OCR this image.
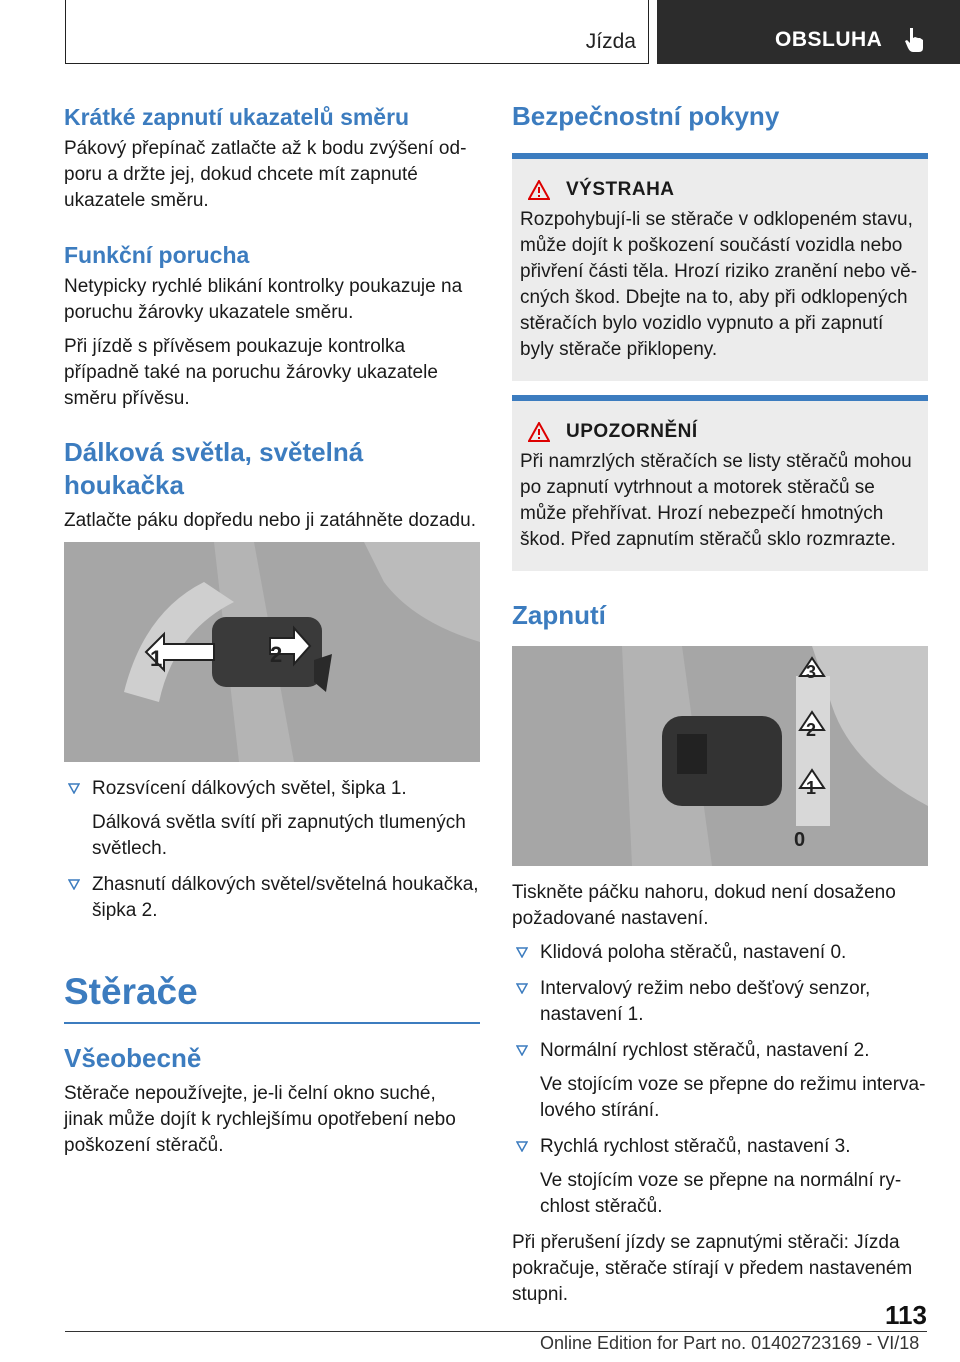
Jízda	OBSLUHA
Krátké zapnutí ukazatelů směru

Pákový přepínač zatlačte až k bodu zvýšení odporu a držte jej, dokud chcete mít zapnuté ukazatele směru.

Funkční porucha

Netypicky rychlé blikání kontrolky poukazuje na poruchu žárovky ukazatele směru.

Při jízdě s přívěsem poukazuje kontrolka případně také na poruchu žárovky ukazatele směru přívěsu.

Dálková světla, světelná houkačka

Zatlačte páku dopředu nebo ji zatáhněte dozadu.

1	2
Rozsvícení dálkových světel, šipka 1.
Dálková světla svítí při zapnutých tlumených světlech.
Zhasnutí dálkových světel/světelná houkačka, šipka 2.
Stěrače
Všeobecně

Stěrače nepoužívejte, je-li čelní okno suché, jinak může dojít k rychlejšímu opotřebení nebo poškození stěračů.

Bezpečnostní pokyny
VÝSTRAHA
Rozpohybují-li se stěrače v odklopeném stavu, může dojít k poškození součástí vozidla nebo přivření části těla. Hrozí riziko zranění nebo věcných škod. Dbejte na to, aby při odklopených stěračích bylo vozidlo vypnuto a při zapnutí byly stěrače přiklopeny.
UPOZORNĚNÍ
Při namrzlých stěračích se listy stěračů mohou po zapnutí vytrhnout a motorek stěračů se může přehřívat. Hrozí nebezpečí hmotných škod. Před zapnutím stěračů sklo rozmrazte.
Zapnutí
3
2
1
0

Tiskněte páčku nahoru, dokud není dosaženo požadované nastavení.

Klidová poloha stěračů, nastavení 0.
Intervalový režim nebo dešťový senzor, nastavení 1.
Normální rychlost stěračů, nastavení 2.
Ve stojícím voze se přepne do režimu intervalového stírání.
Rychlá rychlost stěračů, nastavení 3.
Ve stojícím voze se přepne na normální rychlost stěračů.

Při přerušení jízdy se zapnutými stěrači: Jízda pokračuje, stěrače stírají v předem nastaveném stupni.

113
Online Edition for Part no. 01402723169 - VI/18
